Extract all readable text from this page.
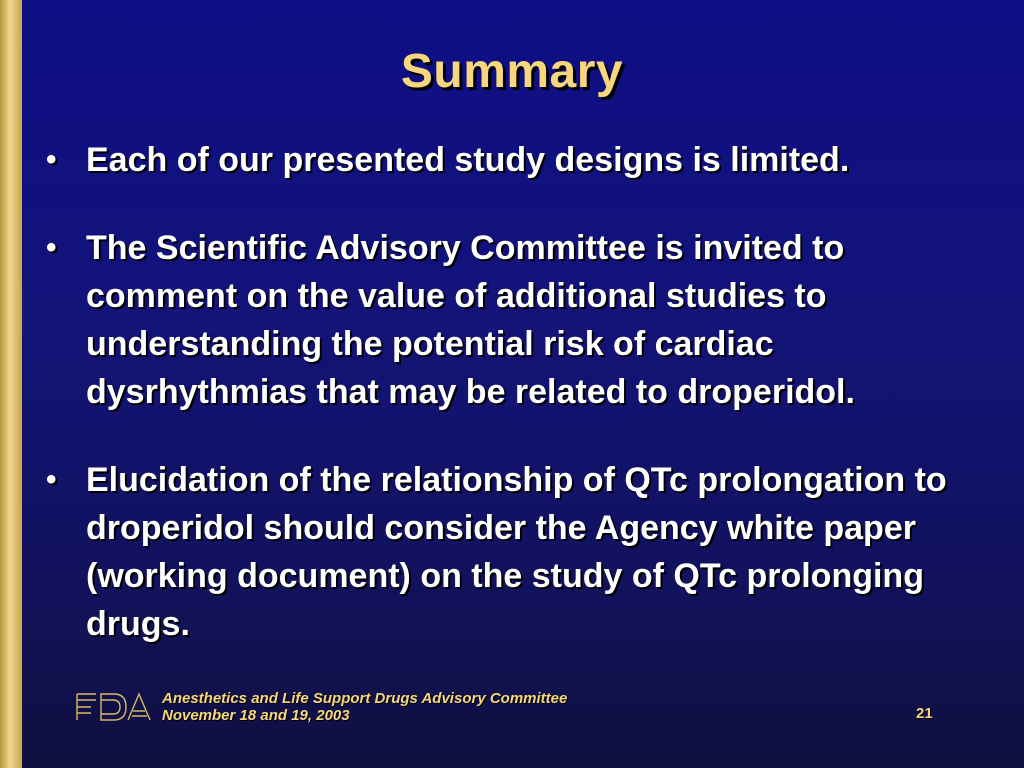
Summary
• Each of our presented study designs is limited.
• The Scientific Advisory Committee is invited to comment on the value of additional studies to understanding the potential risk of cardiac dysrhythmias that may be related to droperidol.
• Elucidation of the relationship of QTc prolongation to droperidol should consider the Agency white paper (working document) on the study of QTc prolonging drugs.
Anesthetics and Life Support Drugs Advisory Committee
November 18 and 19, 2003	21
